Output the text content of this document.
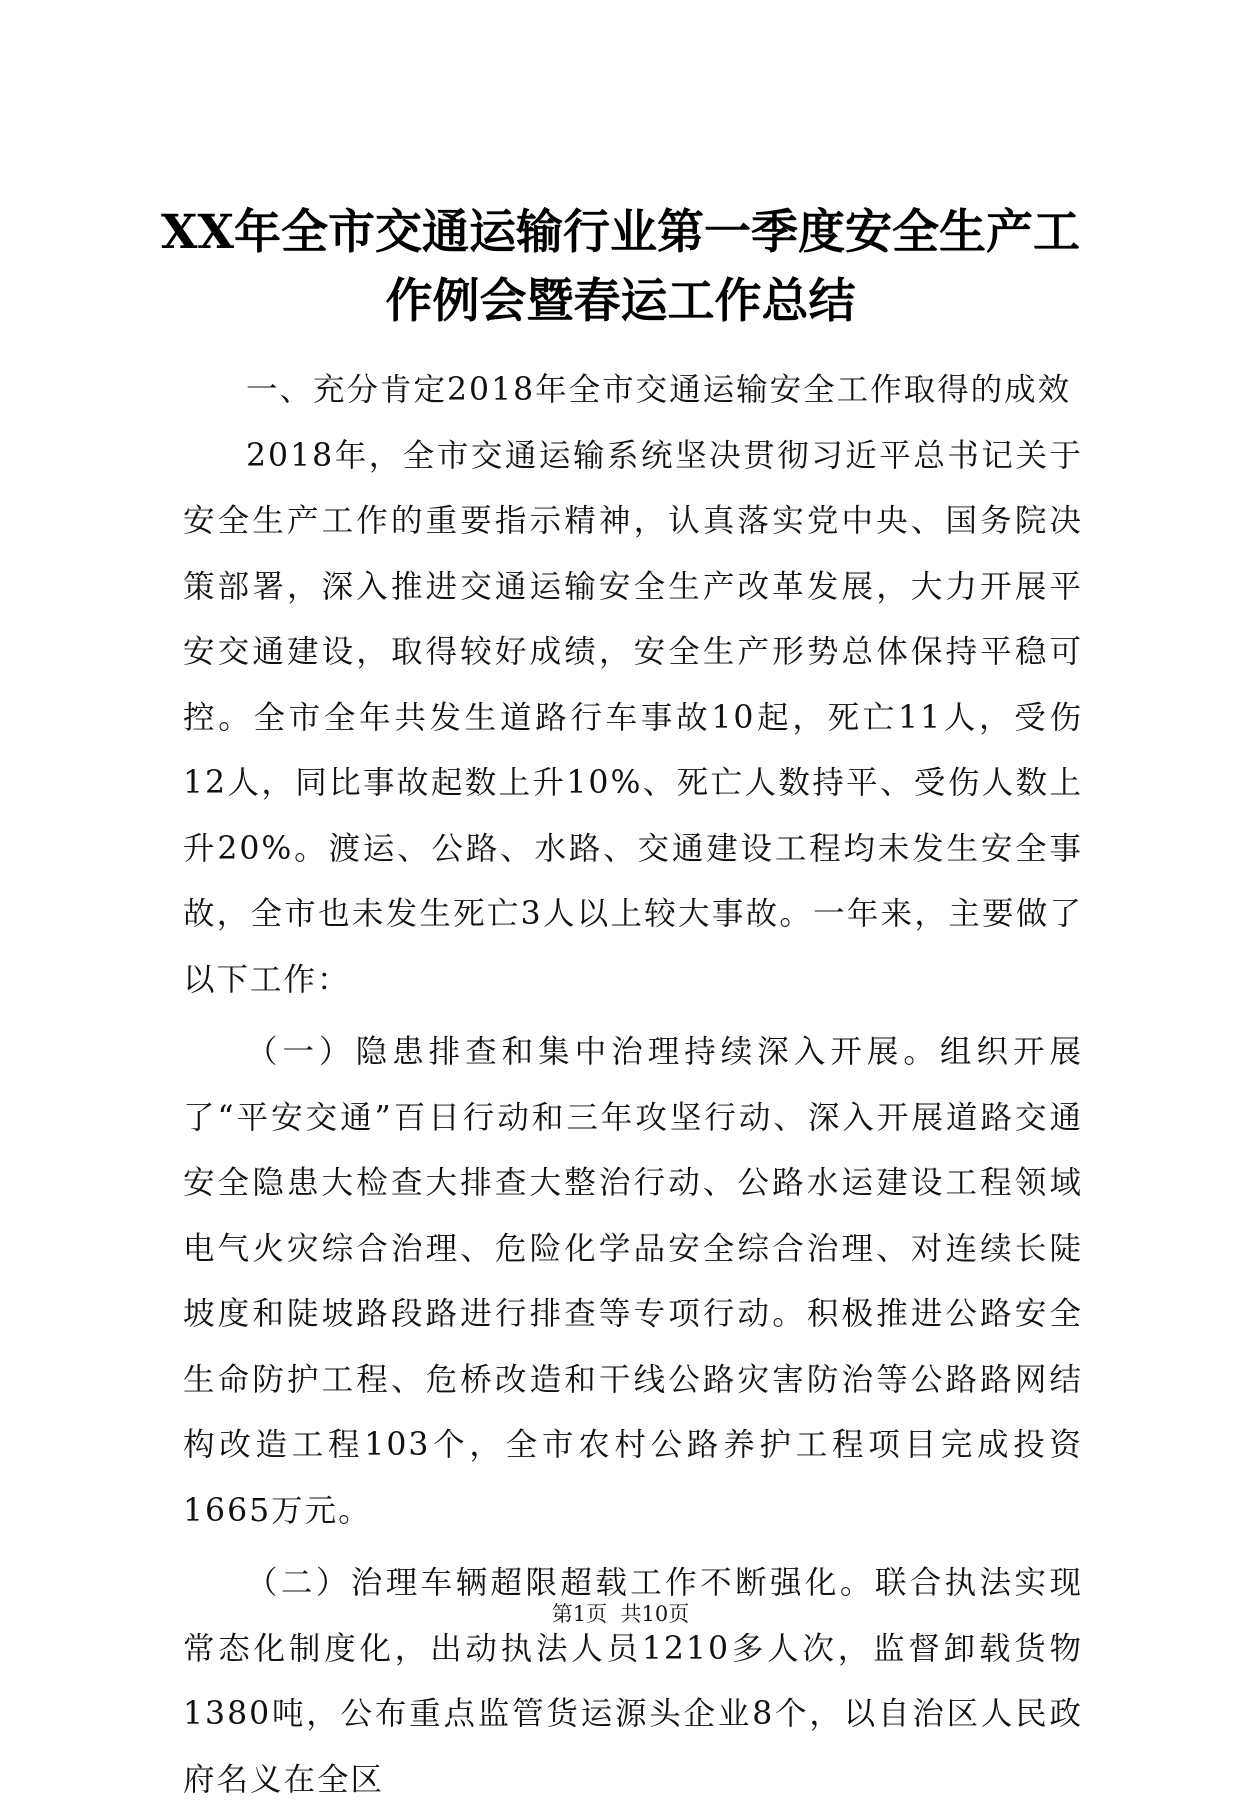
XX年全市交通运输行业第一季度安全生产工
作例会暨春运工作总结

一、充分肯定2018年全市交通运输安全工作取得的成效

2018年，全市交通运输系统坚决贯彻习近平总书记关于安全生产工作的重要指示精神，认真落实党中央、国务院决策部署，深入推进交通运输安全生产改革发展，大力开展平安交通建设，取得较好成绩，安全生产形势总体保持平稳可控。全市全年共发生道路行车事故10起，死亡11人，受伤12人，同比事故起数上升10%、死亡人数持平、受伤人数上升20%。渡运、公路、水路、交通建设工程均未发生安全事故，全市也未发生死亡3人以上较大事故。一年来，主要做了以下工作：

（一）隐患排查和集中治理持续深入开展。组织开展了“平安交通”百日行动和三年攻坚行动、深入开展道路交通安全隐患大检查大排查大整治行动、公路水运建设工程领域电气火灾综合治理、危险化学品安全综合治理、对连续长陡坡度和陡坡路段路进行排查等专项行动。积极推进公路安全生命防护工程、危桥改造和干线公路灾害防治等公路路网结构改造工程103个，全市农村公路养护工程项目完成投资1665万元。

（二）治理车辆超限超载工作不断强化。联合执法实现常态化制度化，出动执法人员1210多人次，监督卸载货物1380吨，公布重点监管货运源头企业8个，以自治区人民政府名义在全区

第1页  共10页
